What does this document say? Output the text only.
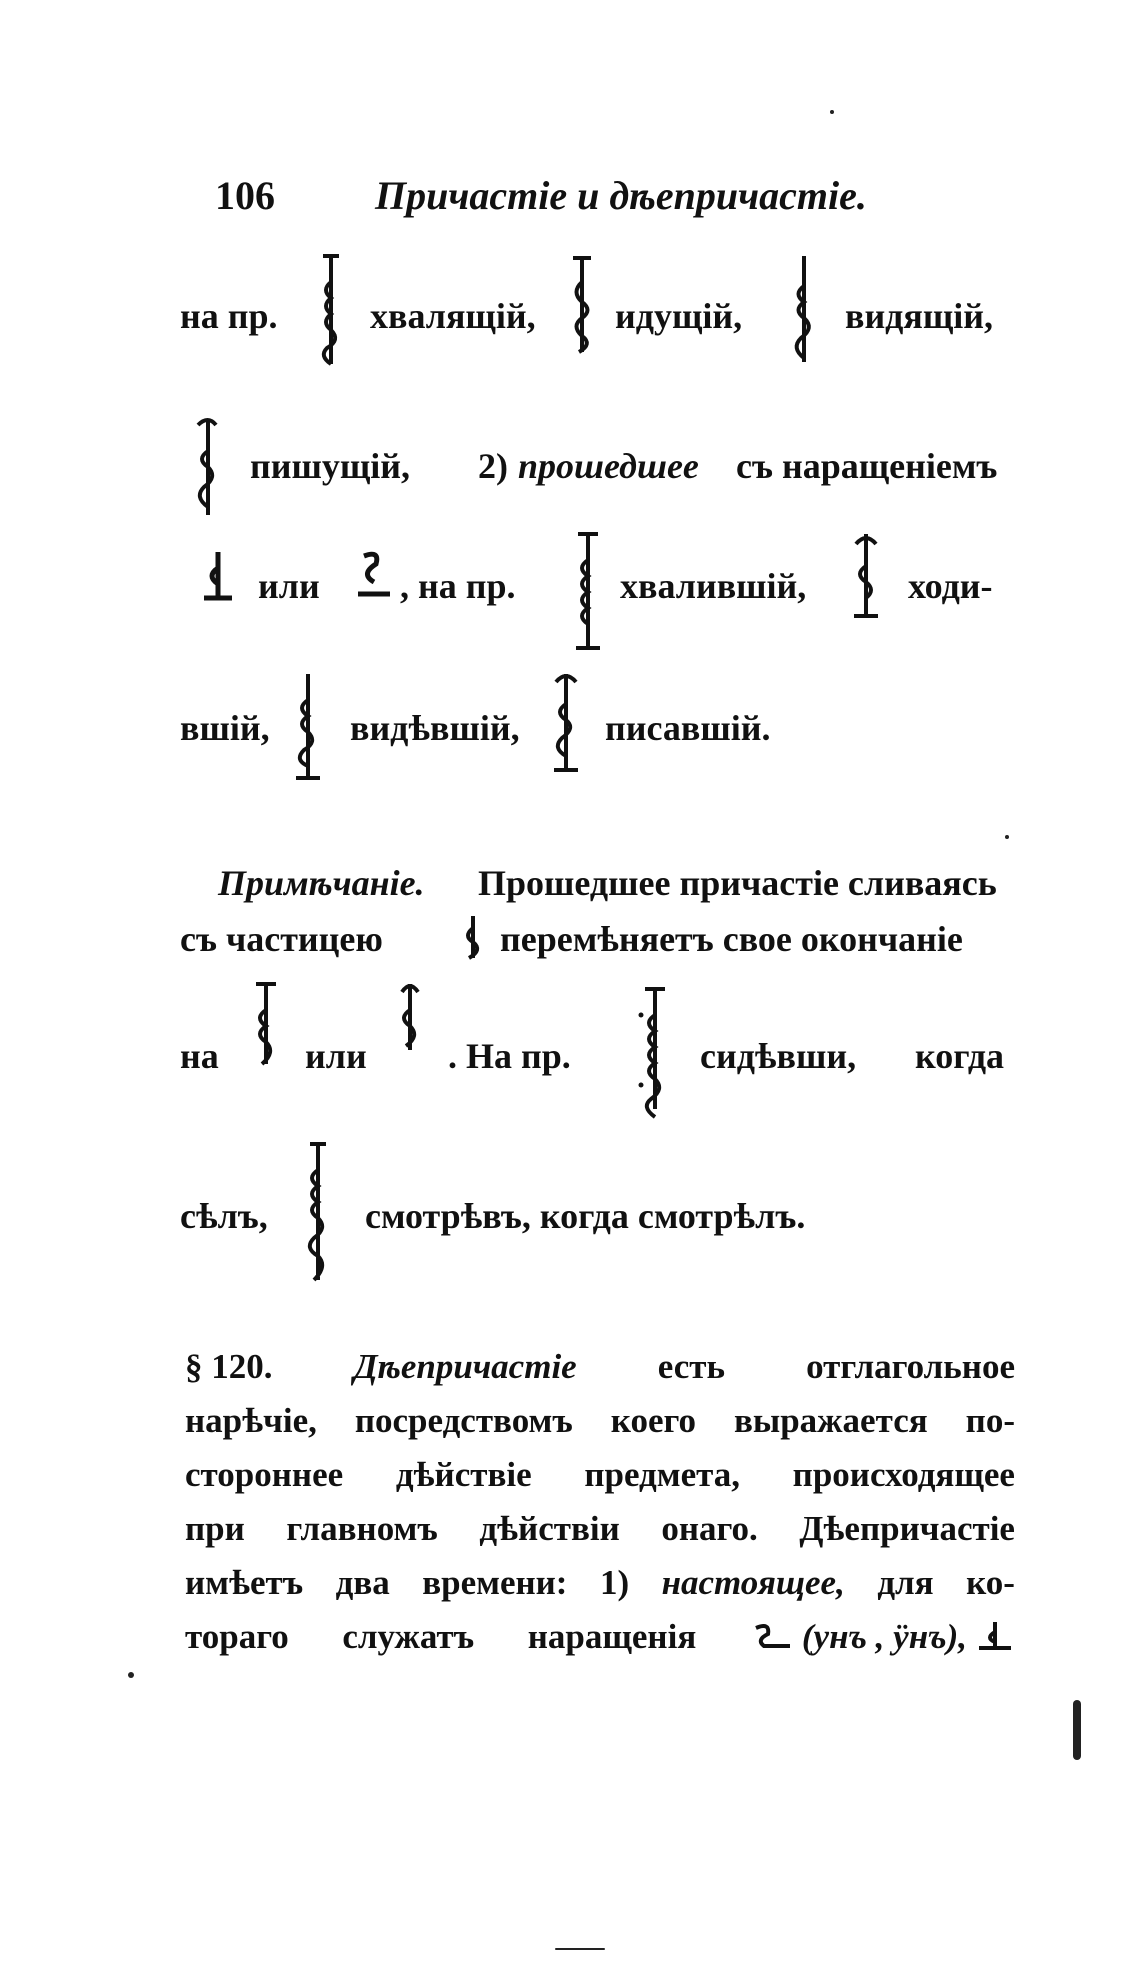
106	Причастіе и дѣепричастіе.
на пр.	хвалящій, идущій,	видящій,
пишущій, 2) прошедшее съ наращеніемъ
или , на пр.	хвалившій,	ходи-
вшій, видѣвшій, писавшій.
Примѣчаніе. Прошедшее причастіе сливаясь
съ частицею	перемѣняетъ свое окончаніе
на или . На пр.	сидѣвши, когда
сѣлъ,	смотрѣвъ, когда смотрѣлъ.
§ 120. Дѣепричастіе есть отглагольное
нарѣчіе, посредствомъ коего выражается по-
стороннее дѣйствіе предмета, происходящее
при главномъ дѣйствіи онаго. Дѣепричастіе
имѣетъ два времени: 1) настоящее, для ко-
тораго служатъ наращенія	(унъ , ӱнъ),
